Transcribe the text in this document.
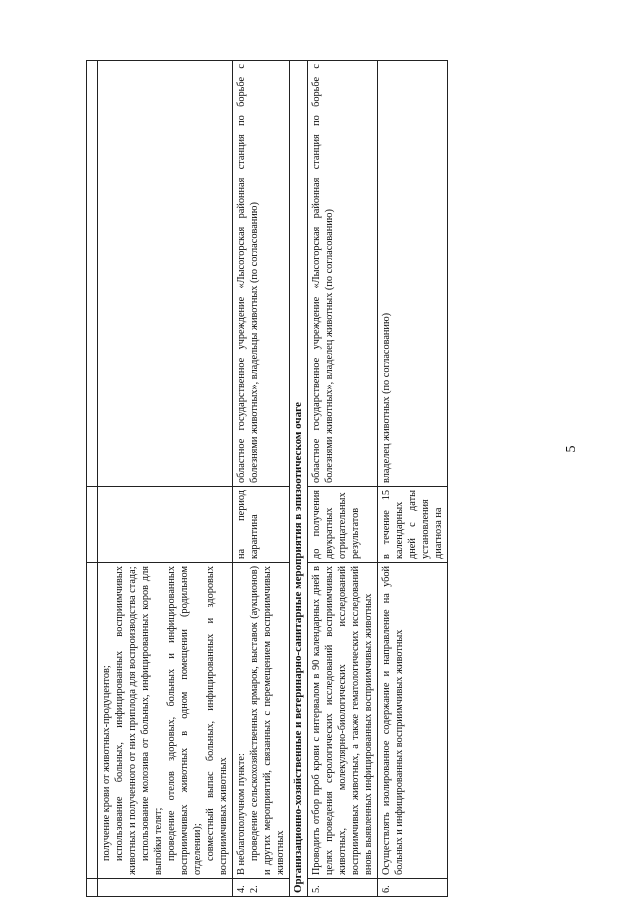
5

	получение крови от животных-продуцентов; использование больных, инфицированных восприимчивых животных и полученного от них приплода для воспроизводства стада; использование молозива от больных, инфицированных коров для выпойки телят; проведение отелов здоровых, больных и инфицированных восприимчивых животных в одном помещении (родильном отделении); совместный выпас больных, инфицированных и здоровых восприимчивых животных		

4.2.	В неблагополучном пункте: проведение сельскохозяйственных ярмарок, выставок (аукционов) и других мероприятий, связанных с перемещением восприимчивых животных	на период карантина	областное государственное учреждение «Лысогорская районная станция по борьбе с болезнями животных», владельцы животных (по согласованию)
Организационно-хозяйственные и ветеринарно-санитарные мероприятия в эпизоотическом очаге			
5.	Проводить отбор проб крови с интервалом в 90 календарных дней в целях проведения серологических исследований восприимчивых животных, молекулярно-биологических исследований восприимчивых животных, а также гематологических исследований вновь выявленных инфицированных восприимчивых животных	до получения двукратных отрицательных результатов	областное государственное учреждение «Лысогорская районная станция по борьбе с болезнями животных», владелец животных (по согласованию)
6.	Осуществлять изолированное содержание и направление на убой больных и инфицированных восприимчивых животных	в течение 15 календарных дней с даты установления диагноза на	владелец животных (по согласованию)
